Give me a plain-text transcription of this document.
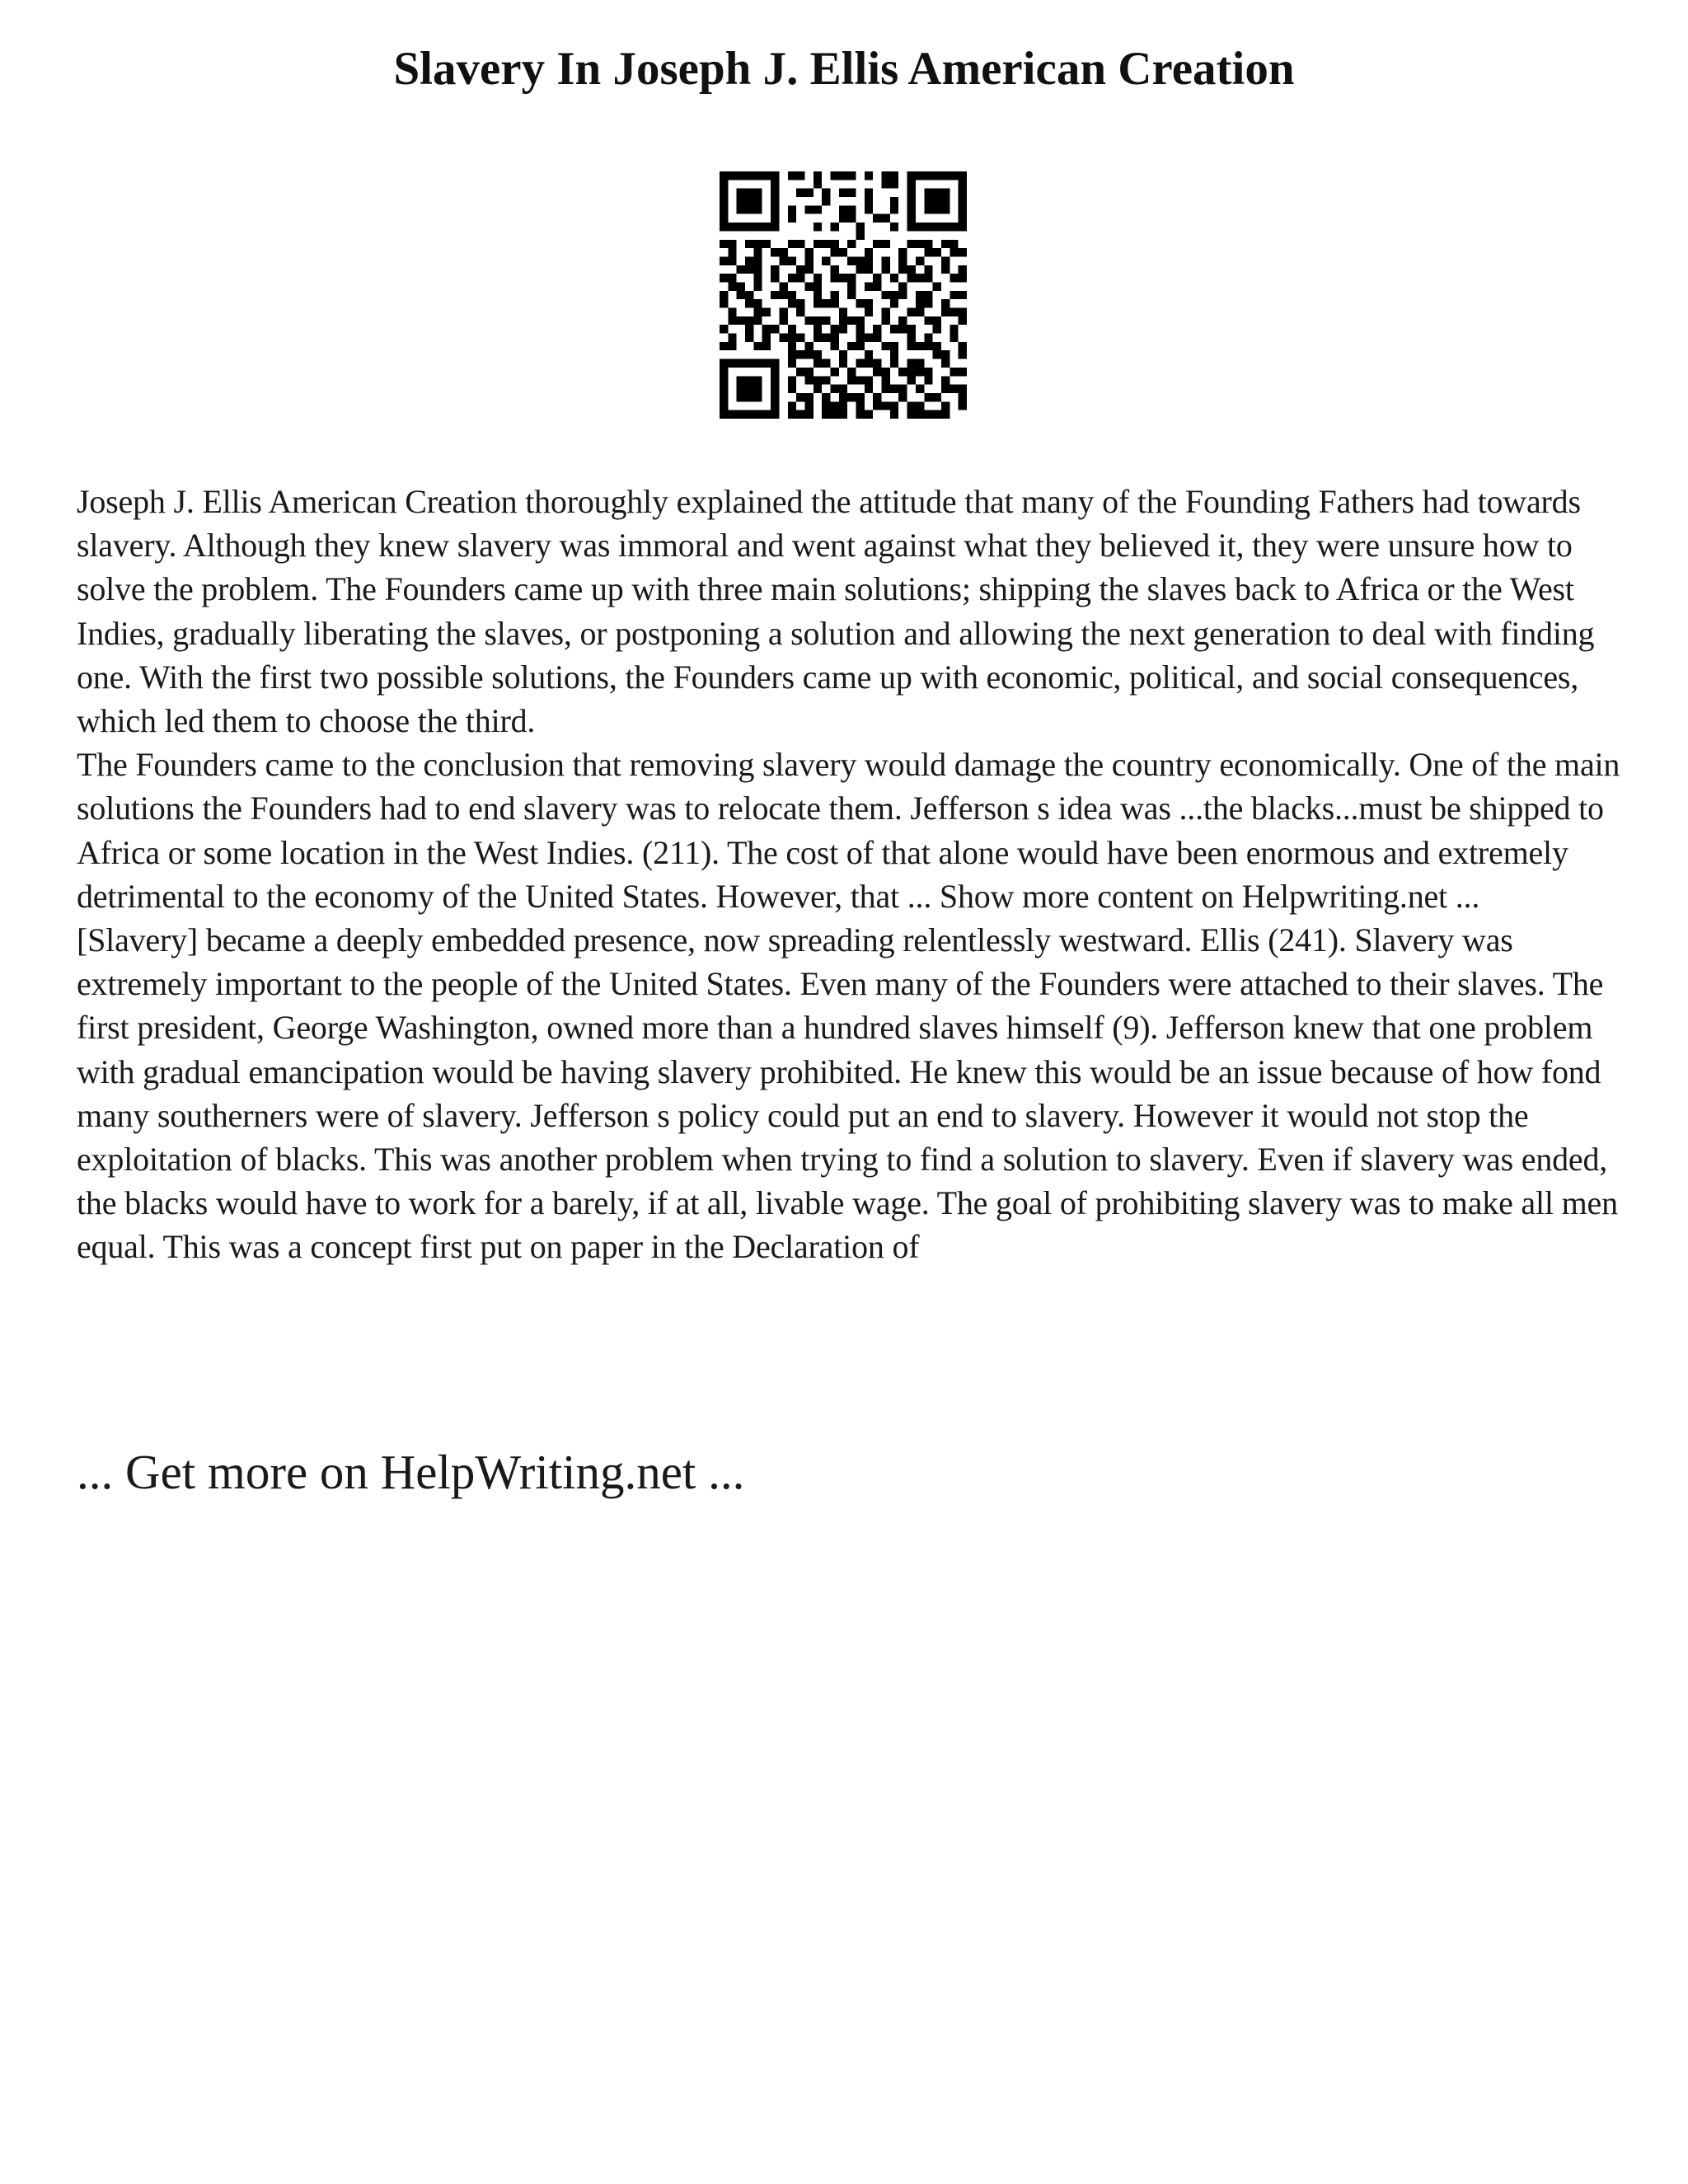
Slavery In Joseph J. Ellis American Creation

Joseph J. Ellis American Creation thoroughly explained the attitude that many of the Founding Fathers had towards slavery. Although they knew slavery was immoral and went against what they believed it, they were unsure how to solve the problem. The Founders came up with three main solutions; shipping the slaves back to Africa or the West Indies, gradually liberating the slaves, or postponing a solution and allowing the next generation to deal with finding one. With the first two possible solutions, the Founders came up with economic, political, and social consequences, which led them to choose the third.

The Founders came to the conclusion that removing slavery would damage the country economically. One of the main solutions the Founders had to end slavery was to relocate them. Jefferson s idea was ...the blacks...must be shipped to Africa or some location in the West Indies. (211). The cost of that alone would have been enormous and extremely detrimental to the economy of the United States. However, that ... Show more content on Helpwriting.net ...

[Slavery] became a deeply embedded presence, now spreading relentlessly westward. Ellis (241). Slavery was extremely important to the people of the United States. Even many of the Founders were attached to their slaves. The first president, George Washington, owned more than a hundred slaves himself (9). Jefferson knew that one problem with gradual emancipation would be having slavery prohibited. He knew this would be an issue because of how fond many southerners were of slavery. Jefferson s policy could put an end to slavery. However it would not stop the exploitation of blacks. This was another problem when trying to find a solution to slavery. Even if slavery was ended, the blacks would have to work for a barely, if at all, livable wage. The goal of prohibiting slavery was to make all men equal. This was a concept first put on paper in the Declaration of

... Get more on HelpWriting.net ...
